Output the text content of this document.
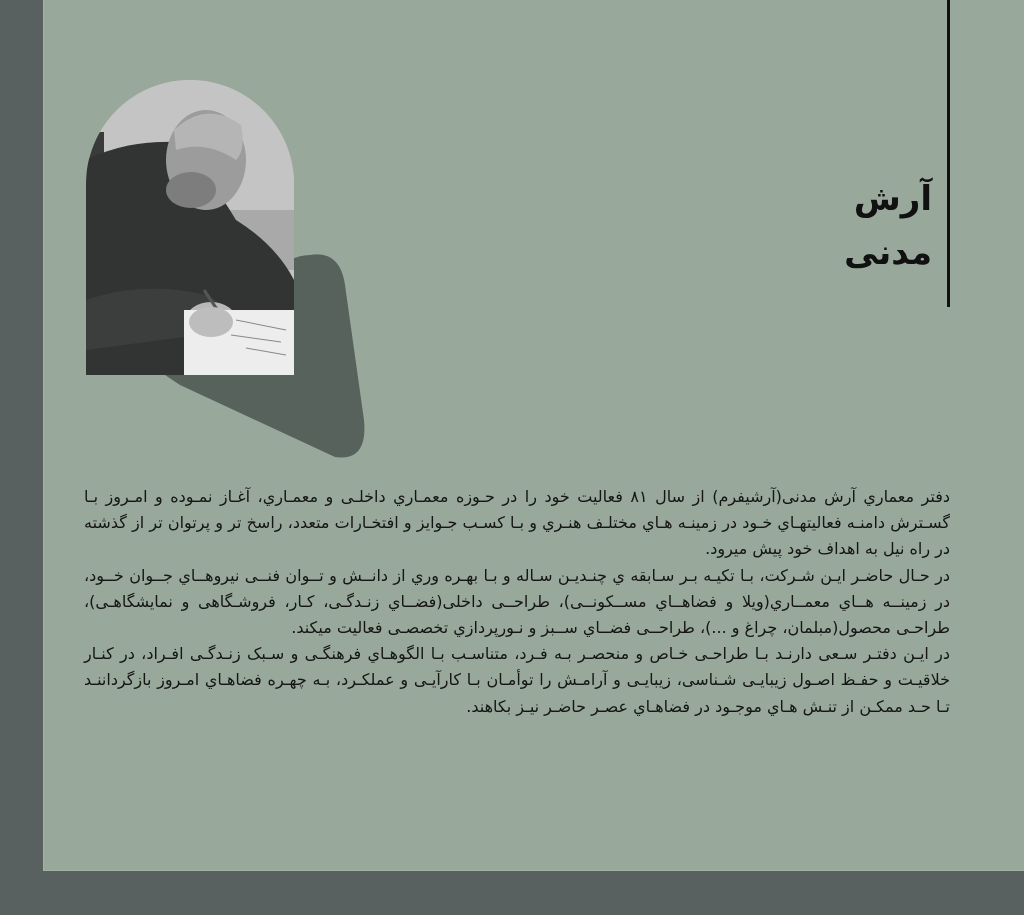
آرش
مدنی

دفتر معماري آرش مدنی(آرشیفرم) از سال ۸۱ فعالیت خود را در حـوزه معمـاري داخلـی و معمـاري، آغـاز نمـوده و امـروز بـا گسـترش دامنـه فعالیتهـاي خـود در زمینـه هـاي مختلـف هنـري و بـا کسـب جـوایز و افتخـارات متعدد، راسخ تر و پرتوان تر از گذشته در راه نیل به اهداف خود پیش میرود.

در حـال حاضـر ایـن شـرکت، بـا تکیـه بـر سـابقه ي چنـدیـن سـاله و بـا بهـره وري از دانــش و تــوان فنــی نیروهــاي جــوان خــود، در زمینــه هــاي معمــاري(ویلا و فضاهــاي مســکونــی)، طراحــی داخلی(فضــاي زنـدگـی، کـار، فروشـگاهی و نمایشگاهـی)، طراحـی محصول(مبلمان، چراغ و ...)، طراحــی فضــاي ســبز و نـورپردازي تخصصـی فعالیت میکند.

در ایـن دفتـر سـعی دارنـد بـا طراحـی خـاص و منحصـر بـه فـرد، متناسـب بـا الگوهـاي فرهنگـی و سـبک زنـدگـی افـراد، در کنـار خلاقیـت و حفـظ اصـول زیبایـی شـناسی، زیبایـی و آرامـش را توأمـان بـا کارآیـی و عملکـرد، بـه چهـره فضاهـاي امـروز بازگرداننـد تـا حـد ممکـن از تنـش هـاي موجـود در فضاهـاي عصـر حاضـر نیـز بکاهند.
